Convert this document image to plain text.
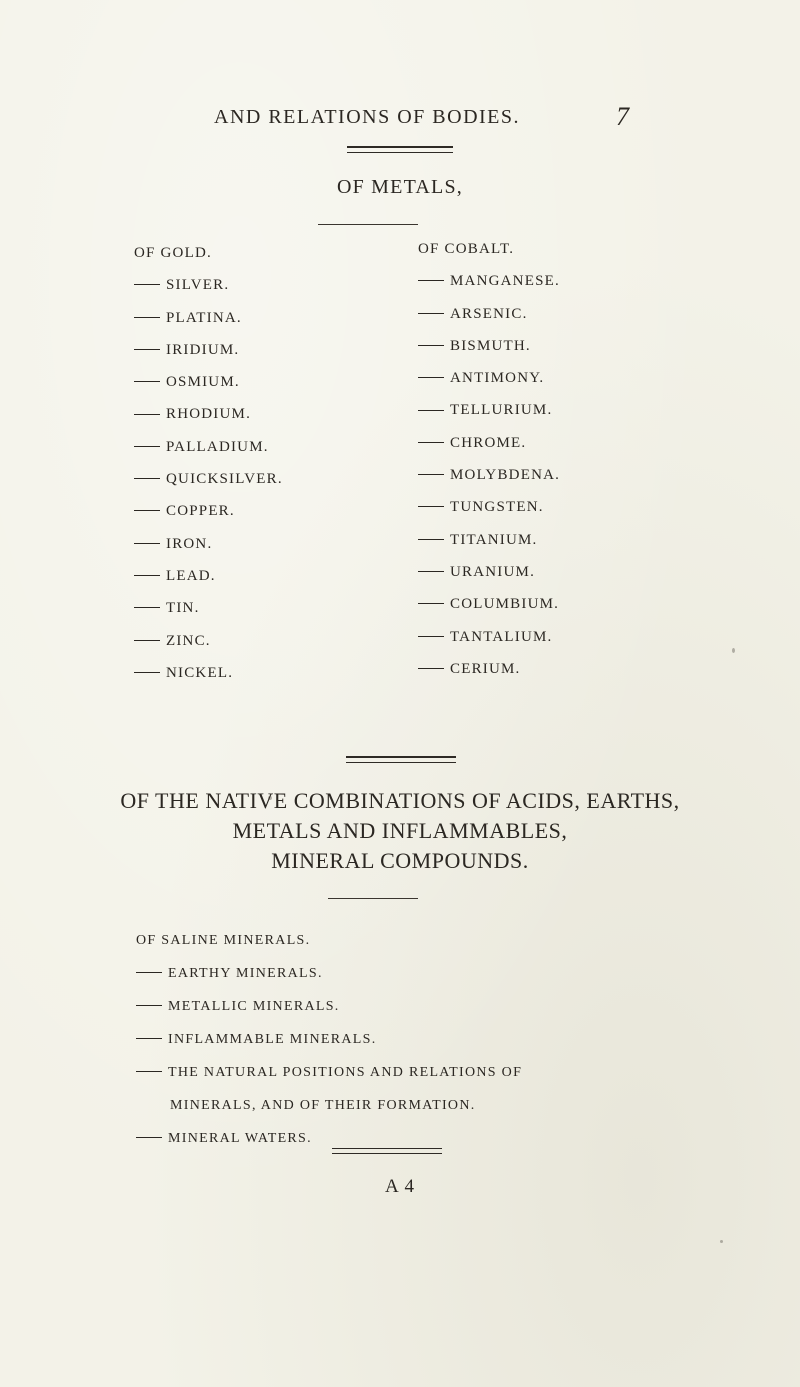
AND RELATIONS OF BODIES.	7
OF METALS,
OF GOLD.
SILVER.
PLATINA.
IRIDIUM.
OSMIUM.
RHODIUM.
PALLADIUM.
QUICKSILVER.
COPPER.
IRON.
LEAD.
TIN.
ZINC.
NICKEL.
OF COBALT.
MANGANESE.
ARSENIC.
BISMUTH.
ANTIMONY.
TELLURIUM.
CHROME.
MOLYBDENA.
TUNGSTEN.
TITANIUM.
URANIUM.
COLUMBIUM.
TANTALIUM.
CERIUM.
OF THE NATIVE COMBINATIONS OF ACIDS, EARTHS,
METALS AND INFLAMMABLES,
MINERAL COMPOUNDS.
OF SALINE MINERALS.
EARTHY MINERALS.
METALLIC MINERALS.
INFLAMMABLE MINERALS.
THE NATURAL POSITIONS AND RELATIONS OF
MINERALS, AND OF THEIR FORMATION.
MINERAL WATERS.
A 4
